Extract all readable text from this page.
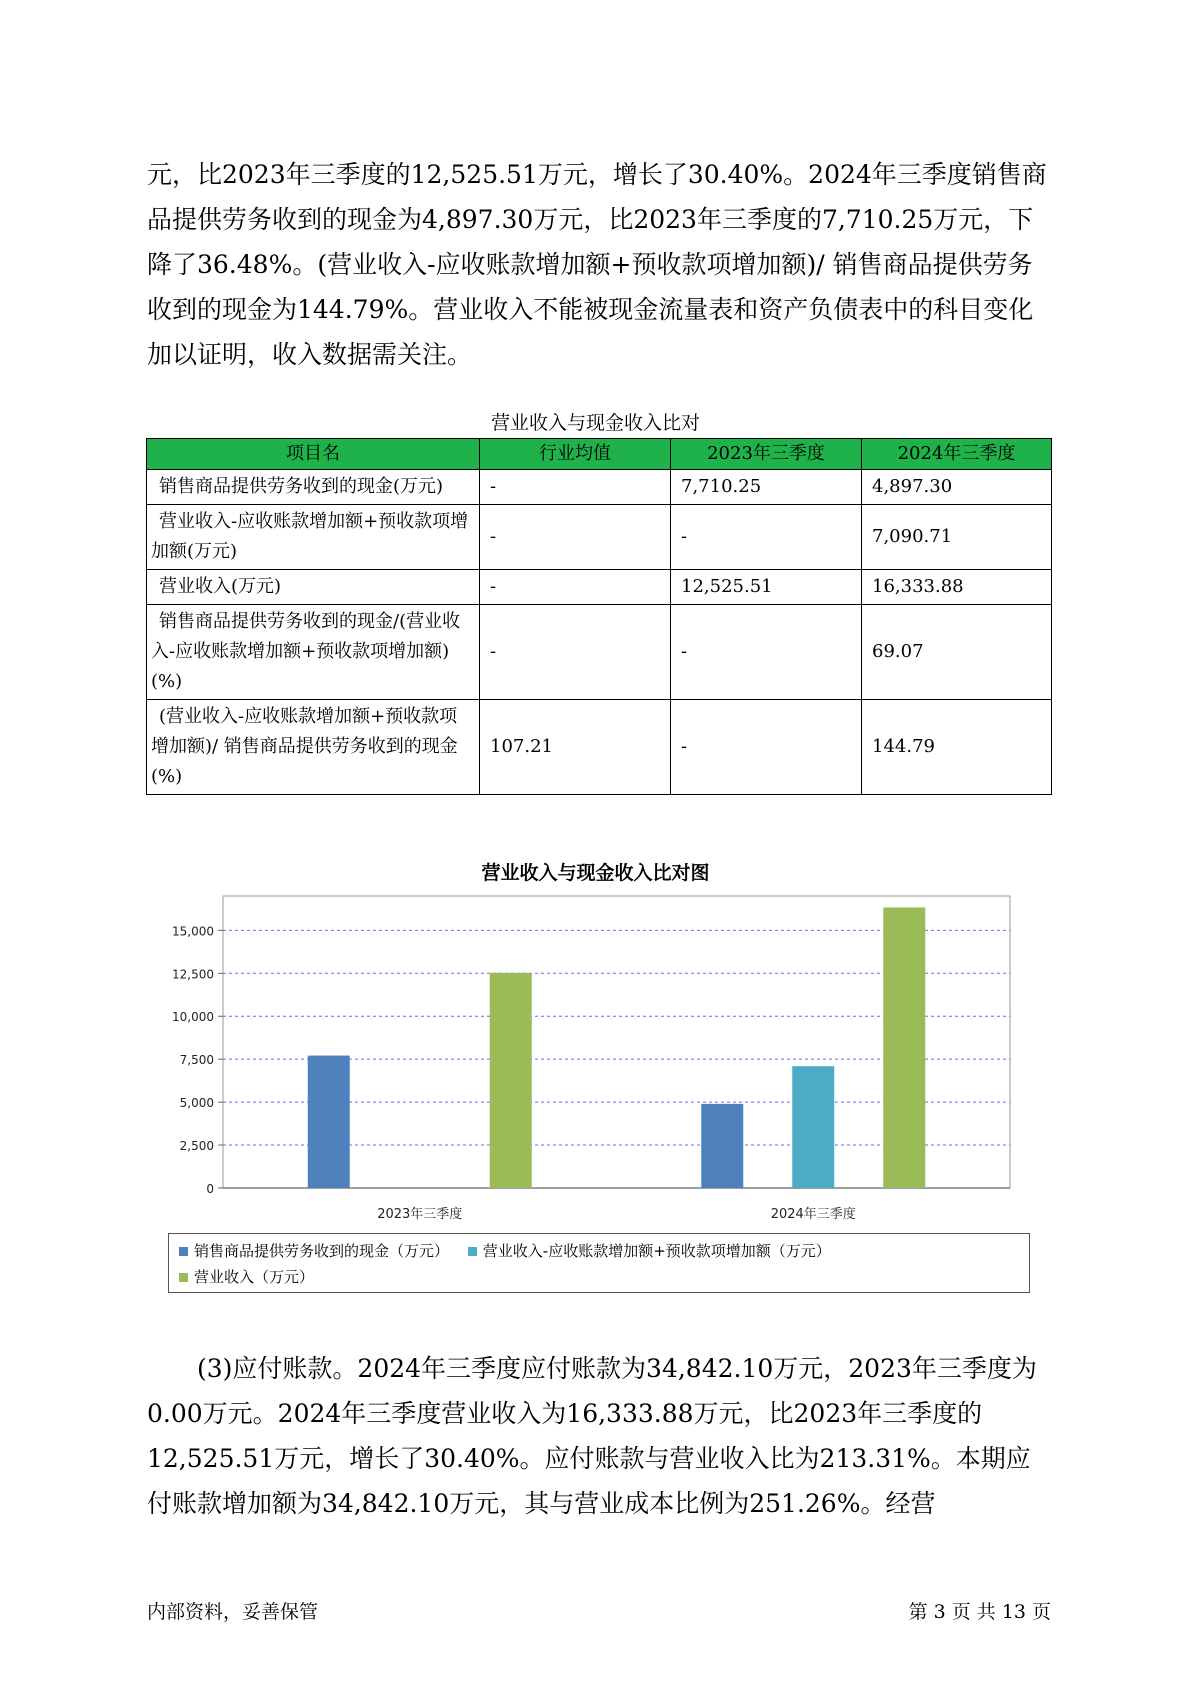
元，比2023年三季度的12,525.51万元，增长了30.40%。2024年三季度销售商品提供劳务收到的现金为4,897.30万元，比2023年三季度的7,710.25万元，下降了36.48%。(营业收入-应收账款增加额+预收款项增加额)/ 销售商品提供劳务收到的现金为144.79%。营业收入不能被现金流量表和资产负债表中的科目变化加以证明，收入数据需关注。

营业收入与现金收入比对
项目名	行业均值	2023年三季度	2024年三季度
销售商品提供劳务收到的现金(万元)	-	7,710.25	4,897.30
营业收入-应收账款增加额+预收款项增加额(万元)	-	-	7,090.71
营业收入(万元)	-	12,525.51	16,333.88
销售商品提供劳务收到的现金/(营业收入-应收账款增加额+预收款项增加额)(%)	-	-	69.07
(营业收入-应收账款增加额+预收款项增加额)/ 销售商品提供劳务收到的现金(%)	107.21	-	144.79
营业收入与现金收入比对图
0
2,500
5,000
7,500
10,000
12,500
15,000
2023年三季度	2024年三季度
销售商品提供劳务收到的现金（万元） 营业收入-应收账款增加额+预收款项增加额（万元）
营业收入（万元）

(3)应付账款。2024年三季度应付账款为34,842.10万元，2023年三季度为0.00万元。2024年三季度营业收入为16,333.88万元，比2023年三季度的12,525.51万元，增长了30.40%。应付账款与营业收入比为213.31%。本期应付账款增加额为34,842.10万元，其与营业成本比例为251.26%。经营

内部资料，妥善保管	第 3 页 共 13 页
